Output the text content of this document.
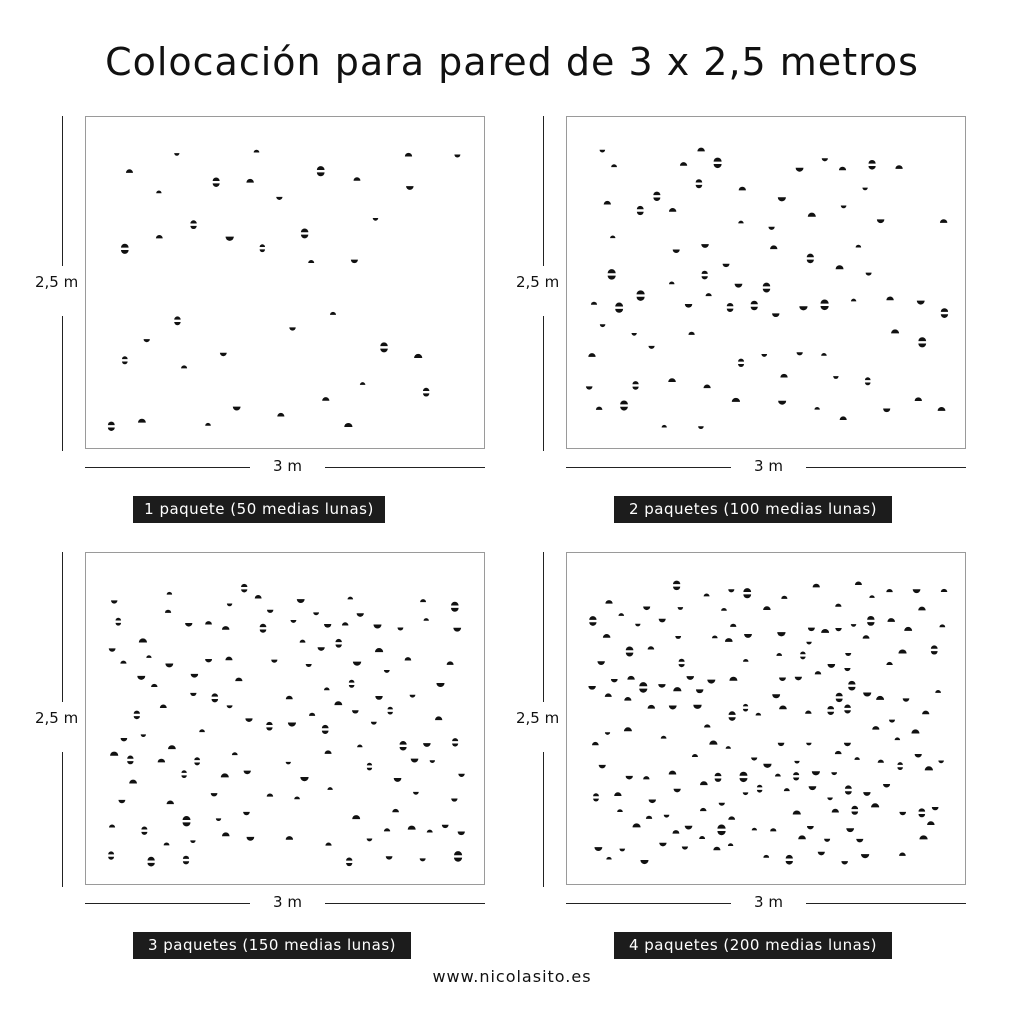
Colocación para pared de 3 x 2,5 metros
2,5 m
3 m
1 paquete (50 medias lunas)
2,5 m
3 m
2 paquetes (100 medias lunas)
2,5 m
3 m
3 paquetes (150 medias lunas)
2,5 m
3 m
4 paquetes (200 medias lunas)
www.nicolasito.es
